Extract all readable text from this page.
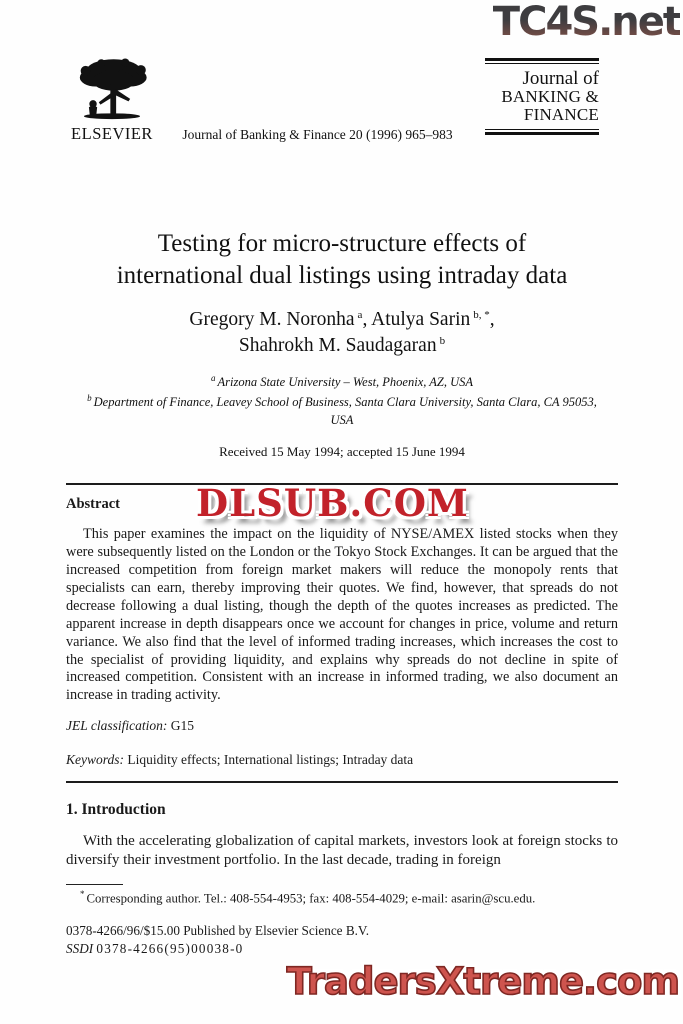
TC4S.net
ELSEVIER	Journal of Banking & Finance 20 (1996) 965–983
Journal of
BANKING &
FINANCE
Testing for micro-structure effects of
international dual listings using intraday data
Gregory M. Noronha $^a$, Atulya Sarin $^{b, *}$,
Shahrokh M. Saudagaran $^b$
$^a$ Arizona State University – West, Phoenix, AZ, USA
$^b$ Department of Finance, Leavey School of Business, Santa Clara University, Santa Clara, CA 95053,
USA
Received 15 May 1994; accepted 15 June 1994
Abstract

This paper examines the impact on the liquidity of NYSE/AMEX listed stocks when they were subsequently listed on the London or the Tokyo Stock Exchanges. It can be argued that the increased competition from foreign market makers will reduce the monopoly rents that specialists can earn, thereby improving their quotes. We find, however, that spreads do not decrease following a dual listing, though the depth of the quotes increases as predicted. The apparent increase in depth disappears once we account for changes in price, volume and return variance. We also find that the level of informed trading increases, which increases the cost to the specialist of providing liquidity, and explains why spreads do not decline in spite of increased competition. Consistent with an increase in informed trading, we also document an increase in trading activity.

JEL classification: G15

Keywords: Liquidity effects; International listings; Intraday data

1. Introduction

With the accelerating globalization of capital markets, investors look at foreign stocks to diversify their investment portfolio. In the last decade, trading in foreign

* Corresponding author. Tel.: 408-554-4953; fax: 408-554-4029; e-mail: asarin@scu.edu.

0378-4266/96/$15.00 Published by Elsevier Science B.V.

SSDI 0378-4266(95)00038-0

DLSUB.COM
TradersXtreme.com
